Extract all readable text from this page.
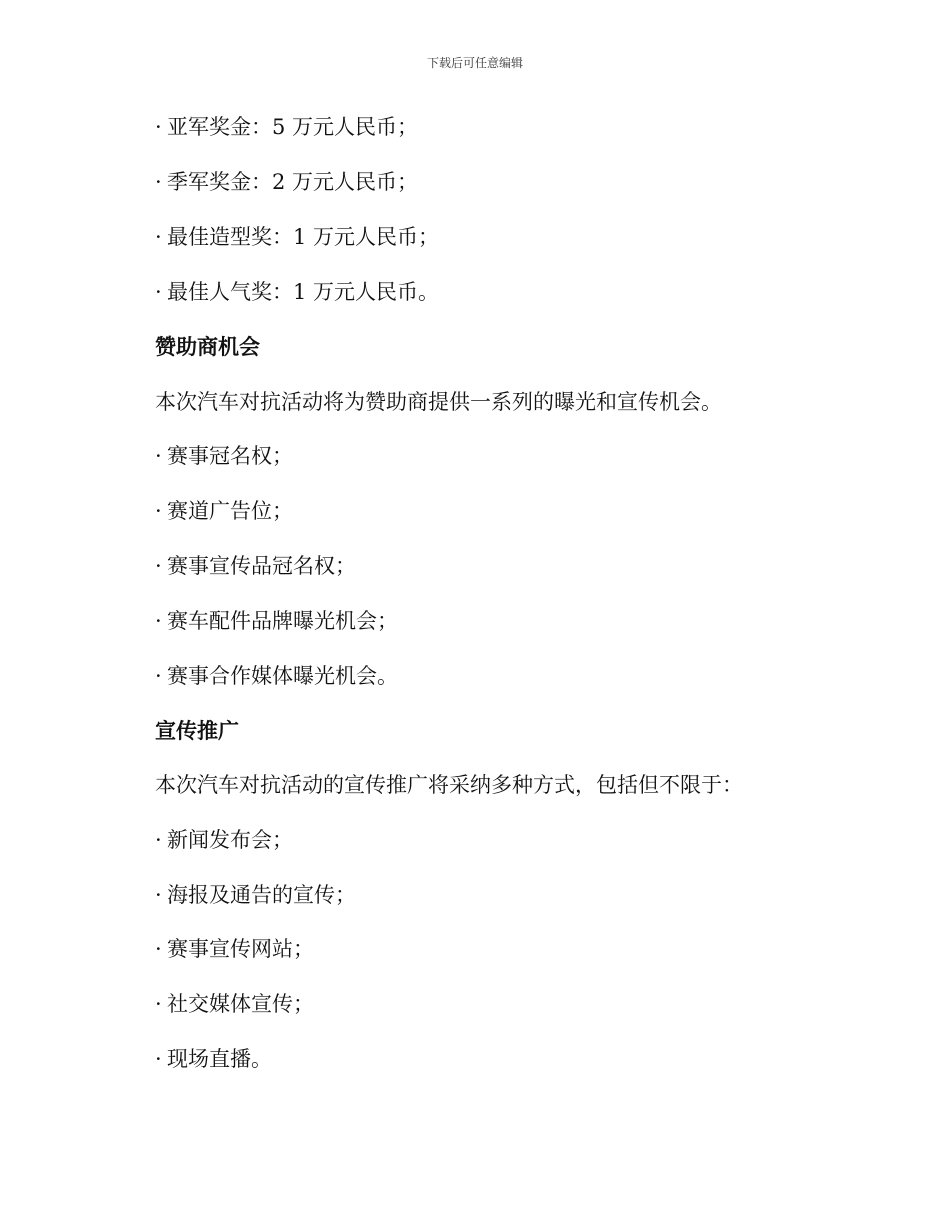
下载后可任意编辑
· 亚军奖金：5 万元人民币；
· 季军奖金：2 万元人民币；
· 最佳造型奖：1 万元人民币；
· 最佳人气奖：1 万元人民币。
赞助商机会
本次汽车对抗活动将为赞助商提供一系列的曝光和宣传机会。
· 赛事冠名权；
· 赛道广告位；
· 赛事宣传品冠名权；
· 赛车配件品牌曝光机会；
· 赛事合作媒体曝光机会。
宣传推广
本次汽车对抗活动的宣传推广将采纳多种方式，包括但不限于：
· 新闻发布会；
· 海报及通告的宣传；
· 赛事宣传网站；
· 社交媒体宣传；
· 现场直播。
